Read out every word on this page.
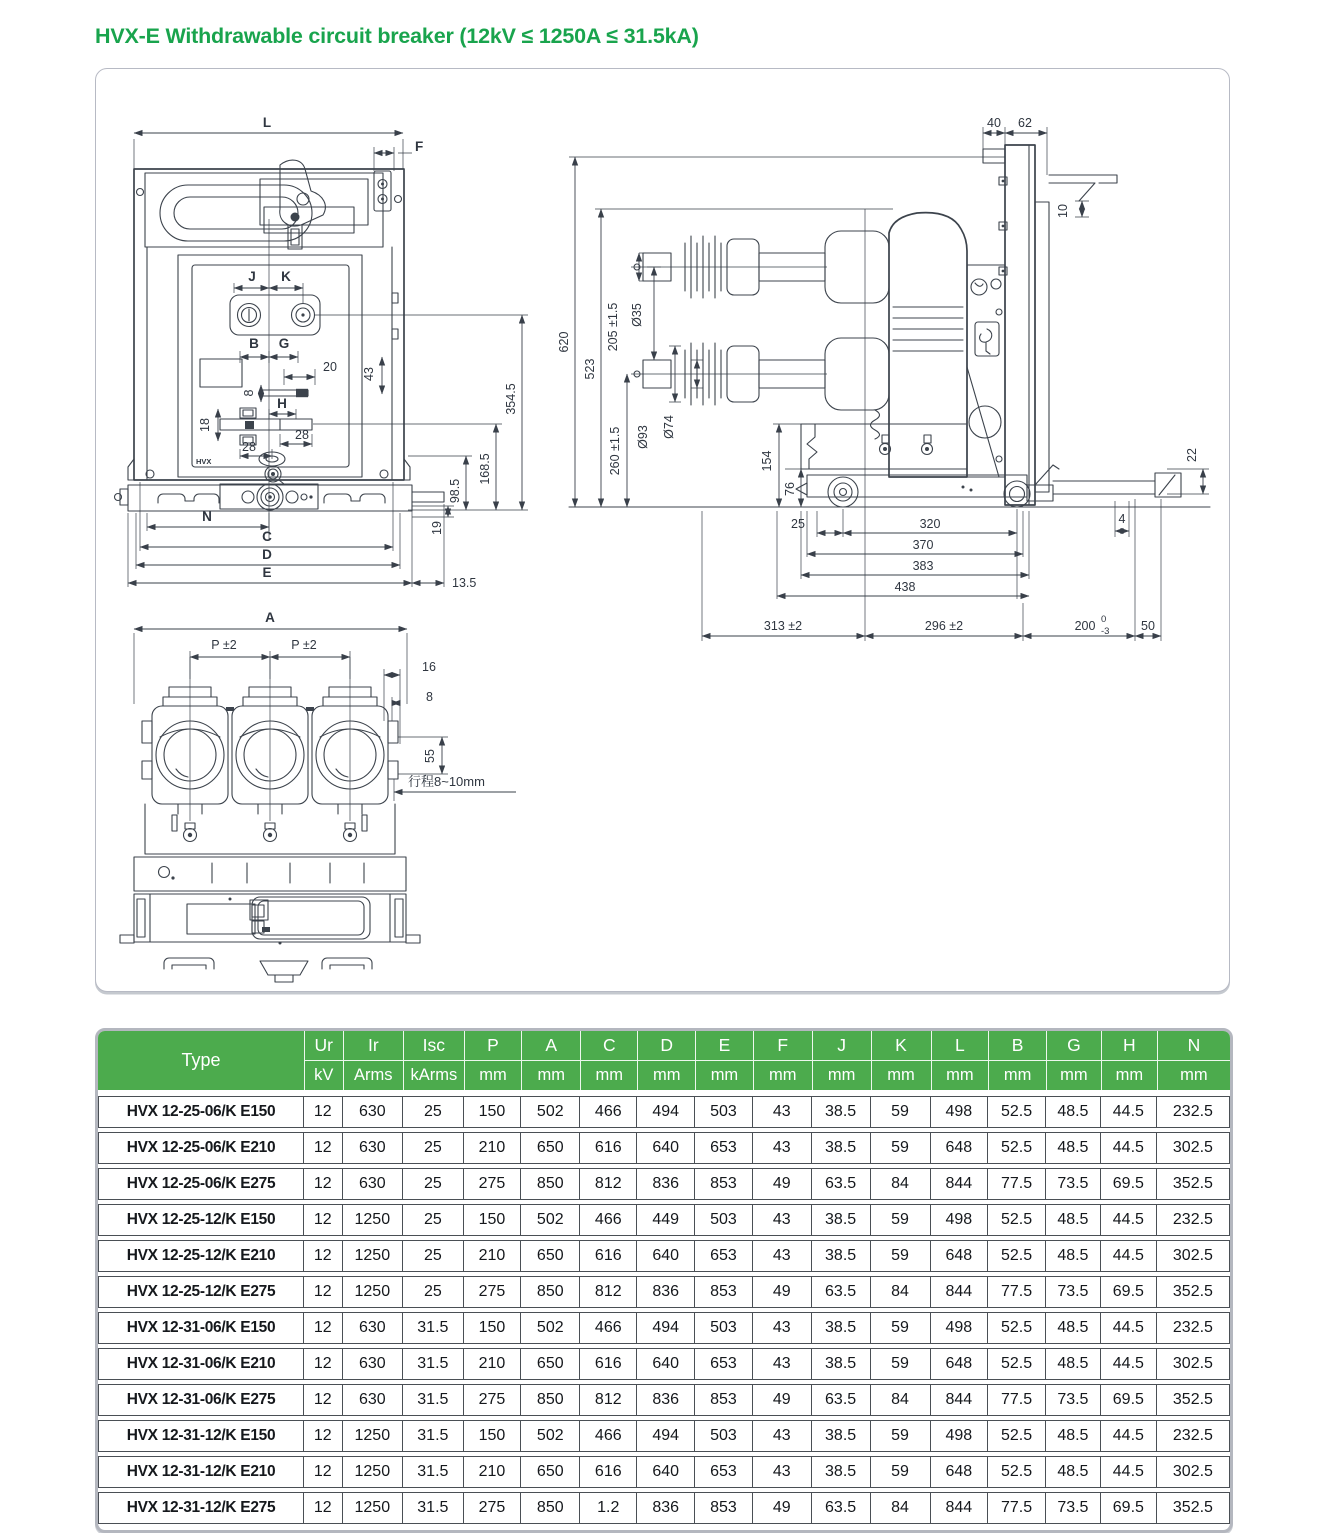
HVX-E Withdrawable circuit breaker (12kV ≤ 1250A ≤ 31.5kA)
L
F
J K
B G
20 43
8
H
18
28
28
HVX
354.5
168.5
98.5
19
N
C
D
E
13.5
40 62
10
154
76
22
4
620
523
205 ±1.5 Ø35
260 ±1.5 Ø93 Ø74
25	320
370
383
438
313 ±2	296 ±2	200 0
-3	50
A
P ±2	P ±2
16
8
55
行程8~10mm
Type	Ur	Ir	Isc	P	A	C	D	E	F	J	K	L	B	G	H	N
	kV	Arms	kArms	mm	mm	mm	mm	mm	mm	mm	mm	mm	mm	mm	mm	mm
HVX 12-25-06/K E150	12	630	25	150	502	466	494	503	43	38.5	59	498	52.5	48.5	44.5	232.5
HVX 12-25-06/K E210	12	630	25	210	650	616	640	653	43	38.5	59	648	52.5	48.5	44.5	302.5
HVX 12-25-06/K E275	12	630	25	275	850	812	836	853	49	63.5	84	844	77.5	73.5	69.5	352.5
HVX 12-25-12/K E150	12	1250	25	150	502	466	449	503	43	38.5	59	498	52.5	48.5	44.5	232.5
HVX 12-25-12/K E210	12	1250	25	210	650	616	640	653	43	38.5	59	648	52.5	48.5	44.5	302.5
HVX 12-25-12/K E275	12	1250	25	275	850	812	836	853	49	63.5	84	844	77.5	73.5	69.5	352.5
HVX 12-31-06/K E150	12	630	31.5	150	502	466	494	503	43	38.5	59	498	52.5	48.5	44.5	232.5
HVX 12-31-06/K E210	12	630	31.5	210	650	616	640	653	43	38.5	59	648	52.5	48.5	44.5	302.5
HVX 12-31-06/K E275	12	630	31.5	275	850	812	836	853	49	63.5	84	844	77.5	73.5	69.5	352.5
HVX 12-31-12/K E150	12	1250	31.5	150	502	466	494	503	43	38.5	59	498	52.5	48.5	44.5	232.5
HVX 12-31-12/K E210	12	1250	31.5	210	650	616	640	653	43	38.5	59	648	52.5	48.5	44.5	302.5
HVX 12-31-12/K E275	12	1250	31.5	275	850	1.2	836	853	49	63.5	84	844	77.5	73.5	69.5	352.5
